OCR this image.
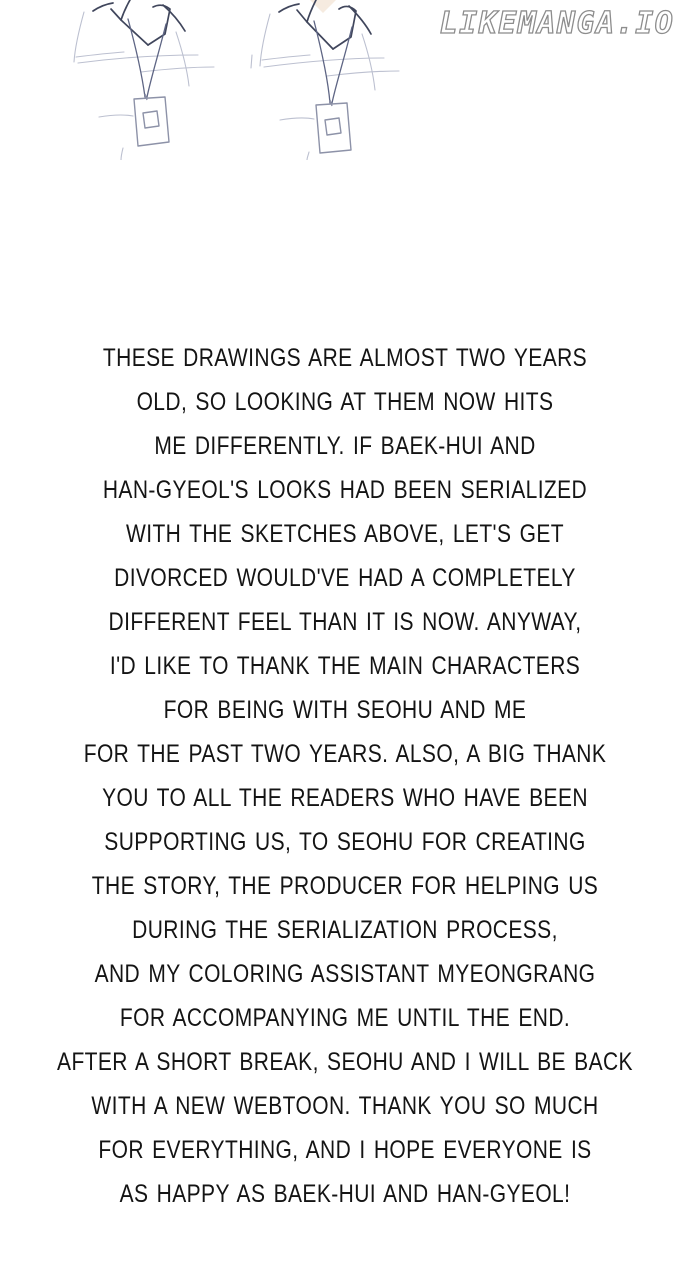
LIKEMANGA.IO
THESE DRAWINGS ARE ALMOST TWO YEARS
OLD, SO LOOKING AT THEM NOW HITS
ME DIFFERENTLY. IF BAEK-HUI AND
HAN-GYEOL'S LOOKS HAD BEEN SERIALIZED
WITH THE SKETCHES ABOVE, LET'S GET
DIVORCED WOULD'VE HAD A COMPLETELY
DIFFERENT FEEL THAN IT IS NOW. ANYWAY,
I'D LIKE TO THANK THE MAIN CHARACTERS
FOR BEING WITH SEOHU AND ME
FOR THE PAST TWO YEARS. ALSO, A BIG THANK
YOU TO ALL THE READERS WHO HAVE BEEN
SUPPORTING US, TO SEOHU FOR CREATING
THE STORY, THE PRODUCER FOR HELPING US
DURING THE SERIALIZATION PROCESS,
AND MY COLORING ASSISTANT MYEONGRANG
FOR ACCOMPANYING ME UNTIL THE END.
AFTER A SHORT BREAK, SEOHU AND I WILL BE BACK
WITH A NEW WEBTOON. THANK YOU SO MUCH
FOR EVERYTHING, AND I HOPE EVERYONE IS
AS HAPPY AS BAEK-HUI AND HAN-GYEOL!
